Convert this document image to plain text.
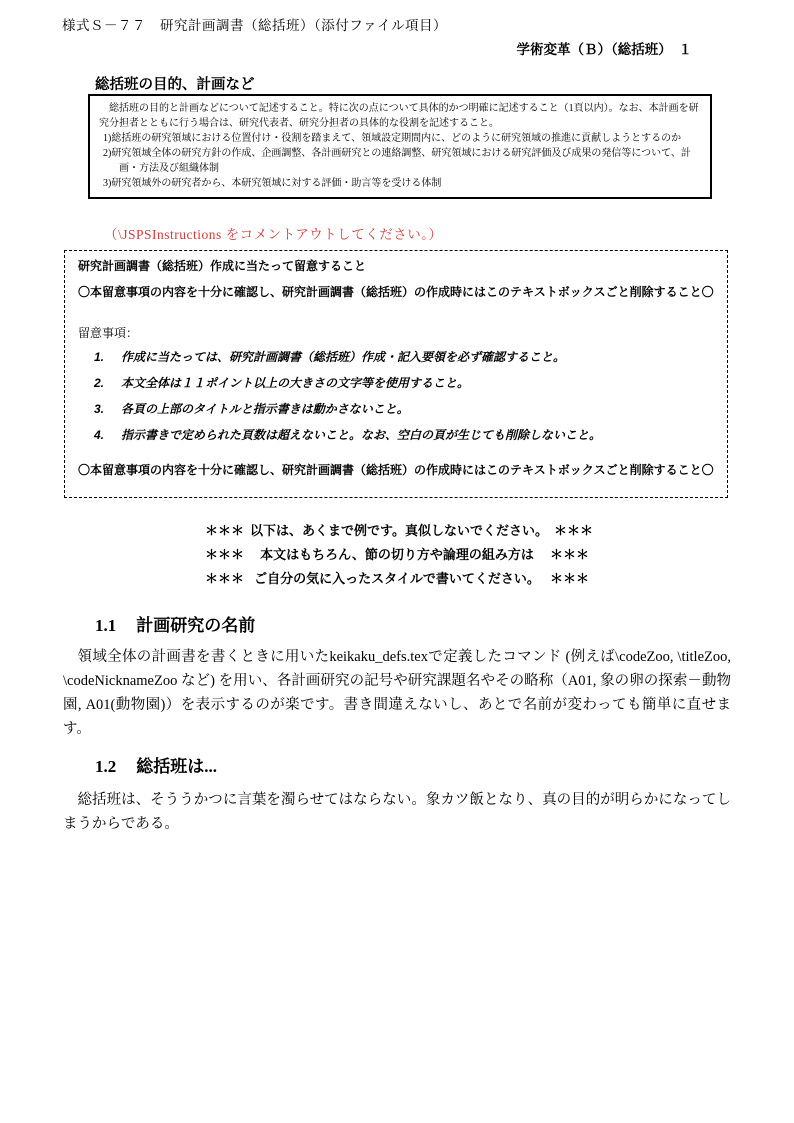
様式Ｓ－７７　研究計画調書（総括班）（添付ファイル項目）
学術変革（Ｂ）（総括班）　１
総括班の目的、計画など
総括班の目的と計画などについて記述すること。特に次の点について具体的かつ明確に記述すること（1頁以内）。なお、本計画を研究分担者とともに行う場合は、研究代表者、研究分担者の具体的な役割を記述すること。
1)総括班の研究領域における位置付け・役割を踏まえて、領域設定期間内に、どのように研究領域の推進に貢献しようとするのか
2)研究領域全体の研究方針の作成、企画調整、各計画研究との連絡調整、研究領域における研究評価及び成果の発信等について、計画・方法及び組織体制
3)研究領域外の研究者から、本研究領域に対する評価・助言等を受ける体制
（\JSPSInstructions をコメントアウトしてください。）
研究計画調書（総括班）作成に当たって留意すること
〇本留意事項の内容を十分に確認し、研究計画調書（総括班）の作成時にはこのテキストボックスごと削除すること〇
留意事項：
1.	作成に当たっては、研究計画調書（総括班）作成・記入要領を必ず確認すること。
2.	本文全体は１１ポイント以上の大きさの文字等を使用すること。
3.	各頁の上部のタイトルと指示書きは動かさないこと。
4.	指示書きで定められた頁数は超えないこと。なお、空白の頁が生じても削除しないこと。
〇本留意事項の内容を十分に確認し、研究計画調書（総括班）の作成時にはこのテキストボックスごと削除すること〇
＊＊＊ 以下は、あくまで例です。真似しないでください。 ＊＊＊
＊＊＊	本文はもちろん、節の切り方や論理の組み方は	＊＊＊
＊＊＊ ご自分の気に入ったスタイルで書いてください。 ＊＊＊
1.1 計画研究の名前
領域全体の計画書を書くときに用いたkeikaku_defs.texで定義したコマンド (例えば\codeZoo, \titleZoo, \codeNicknameZoo など) を用い、各計画研究の記号や研究課題名やその略称（A01, 象の卵の探索－動物園, A01(動物園)）を表示するのが楽です。書き間違えないし、あとで名前が変わっても簡単に直せます。
1.2 総括班は...
総括班は、そううかつに言葉を濁らせてはならない。象カツ飯となり、真の目的が明らかになってしまうからである。
